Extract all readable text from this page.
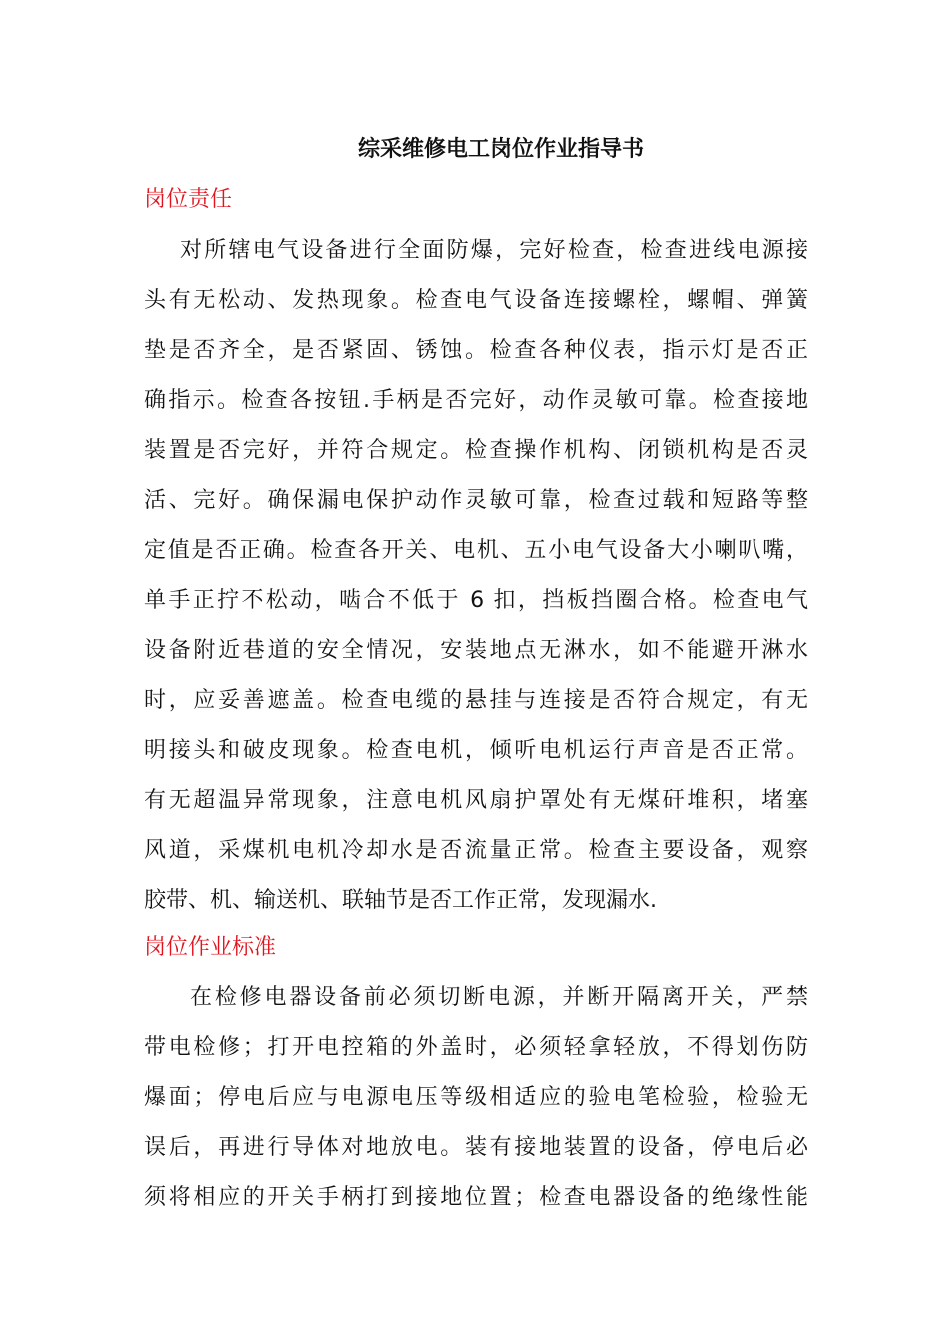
综采维修电工岗位作业指导书
岗位责任
对所辖电气设备进行全面防爆，完好检查，检查进线电源接
头有无松动、发热现象。检查电气设备连接螺栓，螺帽、弹簧
垫是否齐全，是否紧固、锈蚀。检查各种仪表，指示灯是否正
确指示。检查各按钮.手柄是否完好，动作灵敏可靠。检查接地
装置是否完好，并符合规定。检查操作机构、闭锁机构是否灵
活、完好。确保漏电保护动作灵敏可靠，检查过载和短路等整
定值是否正确。检查各开关、电机、五小电气设备大小喇叭嘴，
单手正拧不松动，啮合不低于 6 扣，挡板挡圈合格。检查电气
设备附近巷道的安全情况，安装地点无淋水，如不能避开淋水
时，应妥善遮盖。检查电缆的悬挂与连接是否符合规定，有无
明接头和破皮现象。检查电机，倾听电机运行声音是否正常。
有无超温异常现象，注意电机风扇护罩处有无煤矸堆积，堵塞
风道，采煤机电机冷却水是否流量正常。检查主要设备，观察
胶带、机、输送机、联轴节是否工作正常，发现漏水.
岗位作业标准
在检修电器设备前必须切断电源，并断开隔离开关，严禁
带电检修；打开电控箱的外盖时，必须轻拿轻放，不得划伤防
爆面；停电后应与电源电压等级相适应的验电笔检验，检验无
误后，再进行导体对地放电。装有接地装置的设备，停电后必
须将相应的开关手柄打到接地位置；检查电器设备的绝缘性能
